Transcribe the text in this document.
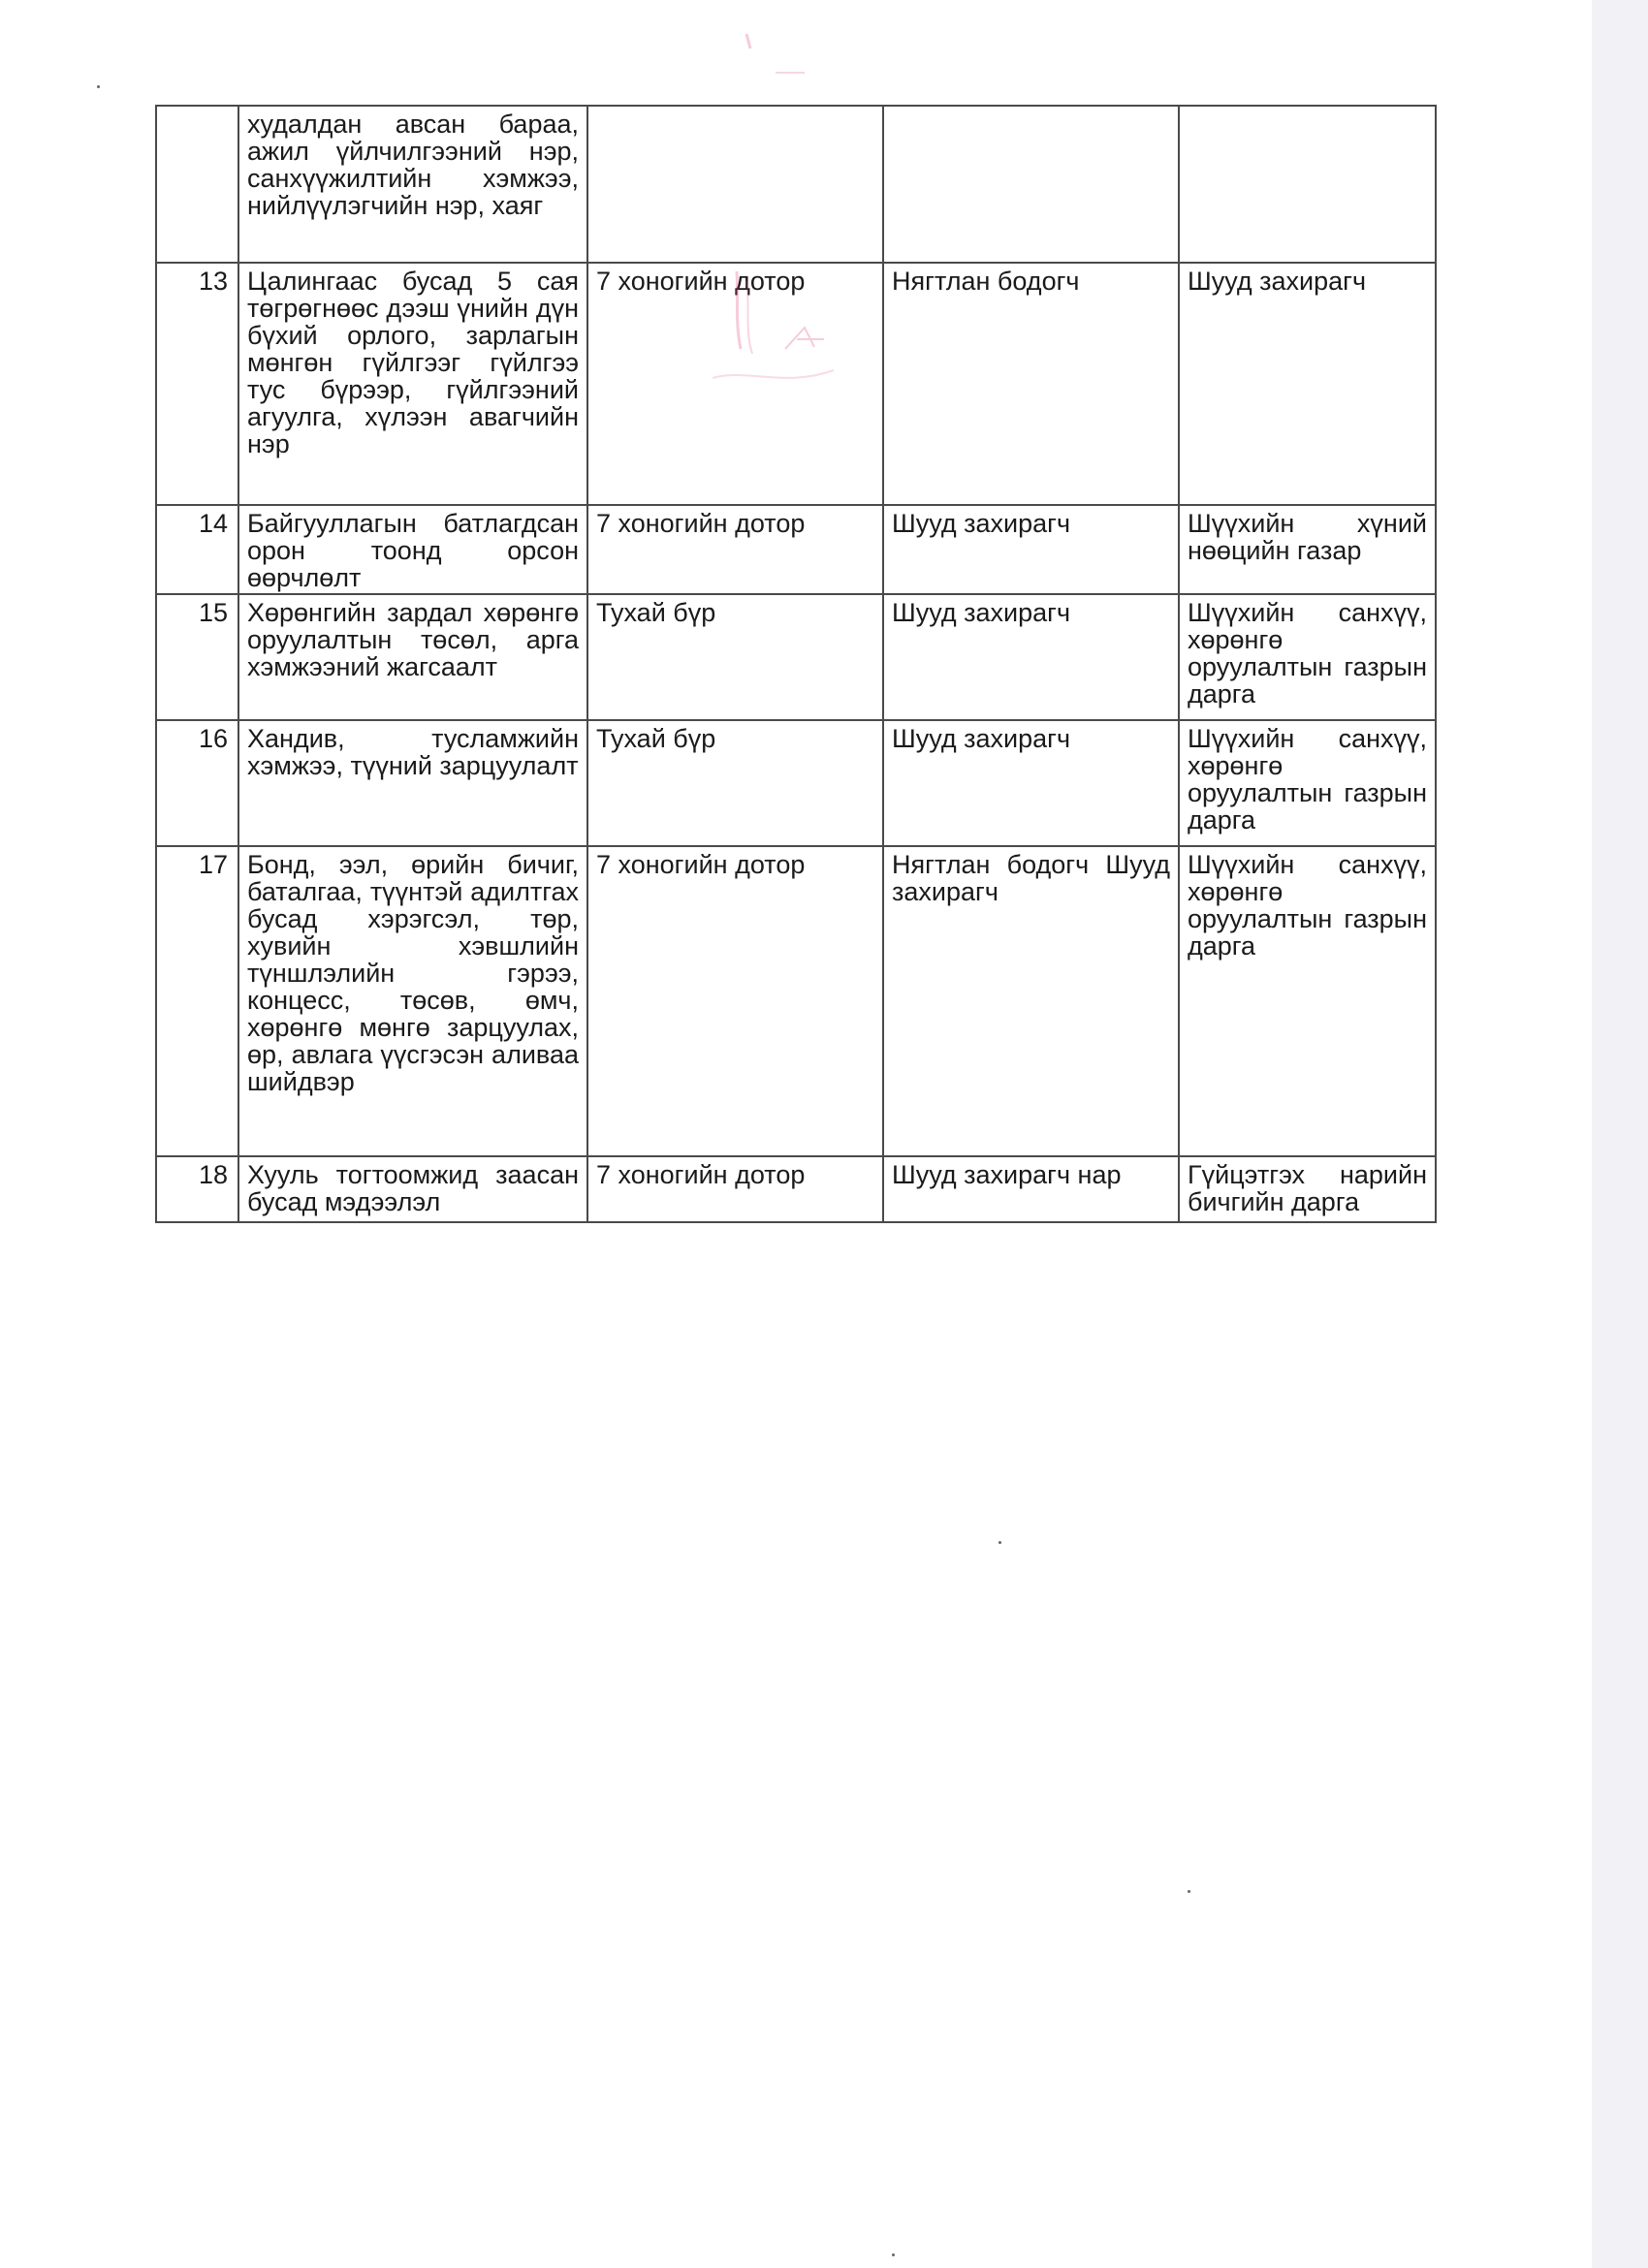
	худалдан авсан бараа, ажил үйлчилгээний нэр, санхүүжилтийн хэмжээ, нийлүүлэгчийн нэр, хаяг			
13	Цалингаас бусад 5 сая төгрөгнөөс дээш үнийн дүн бүхий орлого, зарлагын мөнгөн гүйлгээг гүйлгээ тус бүрээр, гүйлгээний агуулга, хүлээн авагчийн нэр	7 хоногийн дотор	Нягтлан бодогч	Шууд захирагч
14	Байгууллагын батлагдсан орон тоонд орсон өөрчлөлт	7 хоногийн дотор	Шууд захирагч	Шүүхийн хүний нөөцийн газар
15	Хөрөнгийн зардал хөрөнгө оруулалтын төсөл, арга хэмжээний жагсаалт	Тухай бүр	Шууд захирагч	Шүүхийн санхүү, хөрөнгө оруулалтын газрын дарга
16	Хандив, тусламжийн хэмжээ, түүний зарцуулалт	Тухай бүр	Шууд захирагч	Шүүхийн санхүү, хөрөнгө оруулалтын газрын дарга
17	Бонд, ээл, өрийн бичиг, баталгаа, түүнтэй адилтгах бусад хэрэгсэл, төр, хувийн хэвшлийн түншлэлийн гэрээ, концесс, төсөв, өмч, хөрөнгө мөнгө зарцуулах, өр, авлага үүсгэсэн аливаа шийдвэр	7 хоногийн дотор	Нягтлан бодогч Шууд захирагч	Шүүхийн санхүү, хөрөнгө оруулалтын газрын дарга
18	Хууль тогтоомжид заасан бусад мэдээлэл	7 хоногийн дотор	Шууд захирагч нар	Гүйцэтгэх нарийн бичгийн дарга
